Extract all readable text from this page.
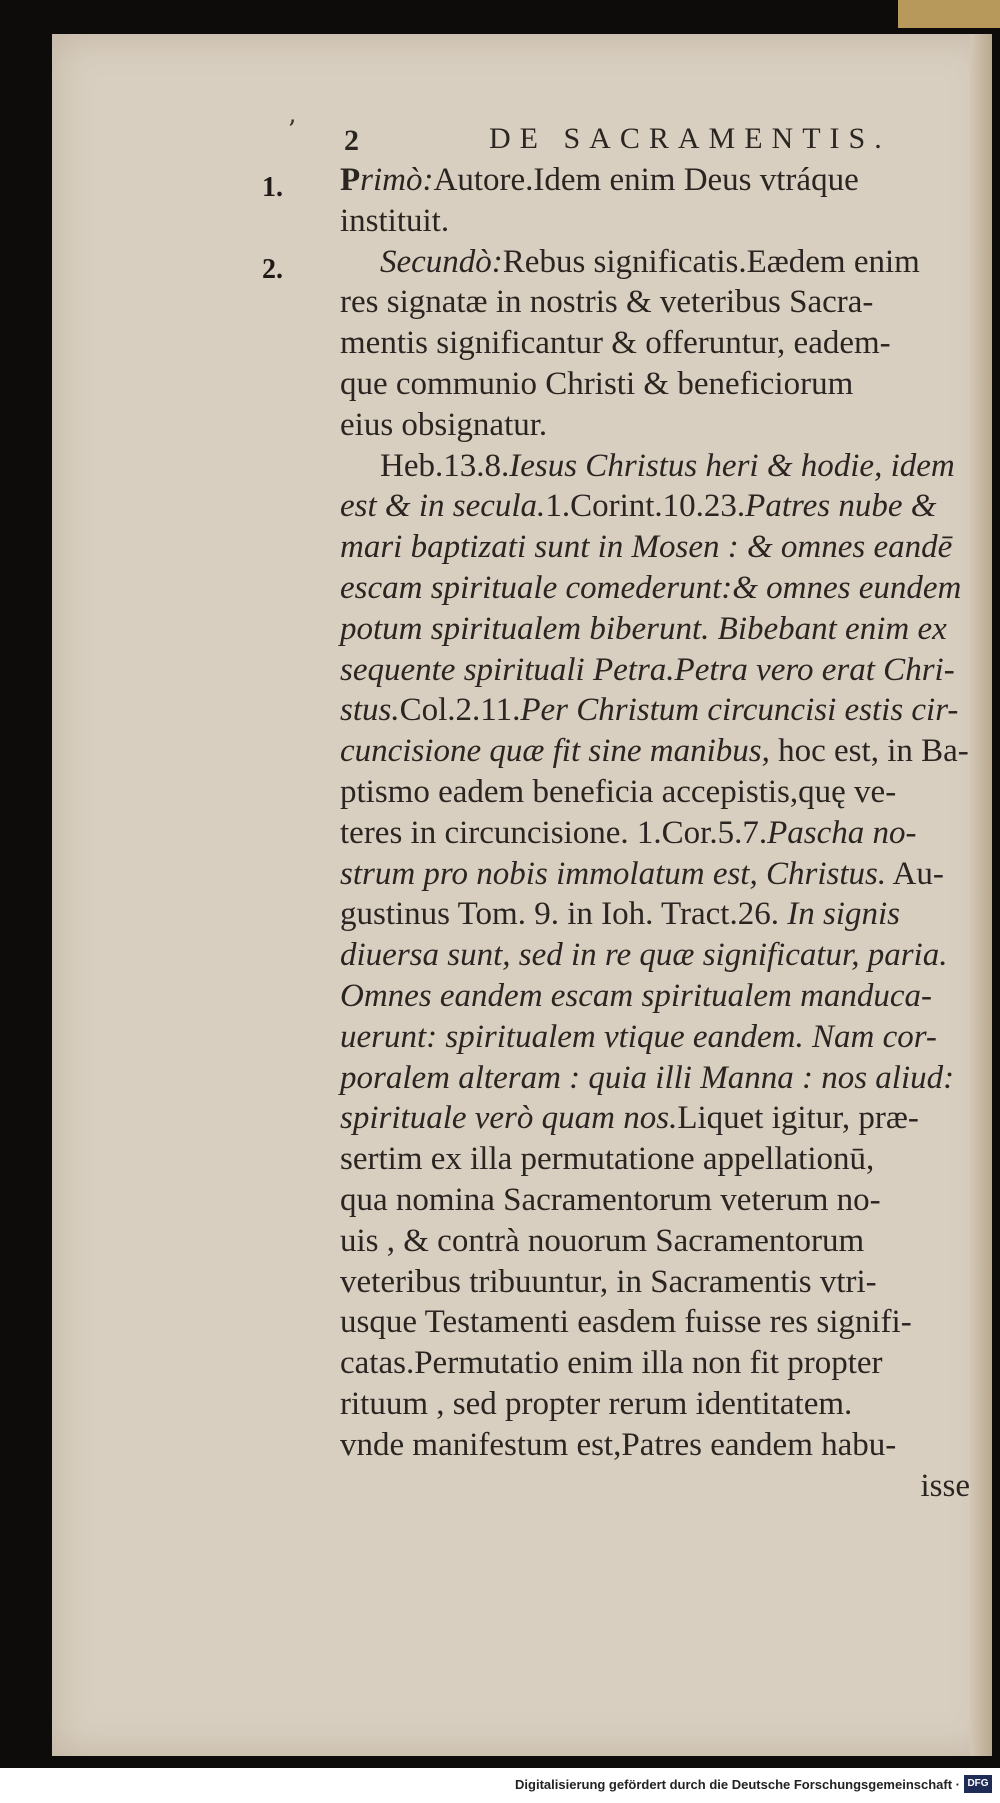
ʼ
1.
2.
2	DE SACRAMENTIS.
Primò:Autore.Idem enim Deus vtráque
instituit.
Secundò:Rebus significatis.Eædem enim
res signatæ in nostris & veteribus Sacra-
mentis significantur & offeruntur, eadem-
que communio Christi & beneficiorum
eius obsignatur.
Heb.13.8.Iesus Christus heri & hodie, idem
est & in secula.1.Corint.10.23.Patres nube &
mari baptizati sunt in Mosen : & omnes eandē
escam spirituale comederunt:& omnes eundem
potum spiritualem biberunt. Bibebant enim ex
sequente spirituali Petra.Petra vero erat Chri-
stus.Col.2.11.Per Christum circuncisi estis cir-
cuncisione quæ fit sine manibus, hoc est, in Ba-
ptismo eadem beneficia accepistis,quę ve-
teres in circuncisione. 1.Cor.5.7.Pascha no-
strum pro nobis immolatum est, Christus. Au-
gustinus Tom. 9. in Ioh. Tract.26. In signis
diuersa sunt, sed in re quæ significatur, paria.
Omnes eandem escam spiritualem manduca-
uerunt: spiritualem vtique eandem. Nam cor-
poralem alteram : quia illi Manna : nos aliud:
spirituale verò quam nos.Liquet igitur, præ-
sertim ex illa permutatione appellationū,
qua nomina Sacramentorum veterum no-
uis , & contrà nouorum Sacramentorum
veteribus tribuuntur, in Sacramentis vtri-
usque Testamenti easdem fuisse res signifi-
catas.Permutatio enim illa non fit propter
rituum , sed propter rerum identitatem.
vnde manifestum est,Patres eandem habu-
isse
Digitalisierung gefördert durch die Deutsche Forschungsgemeinschaft · DFG
